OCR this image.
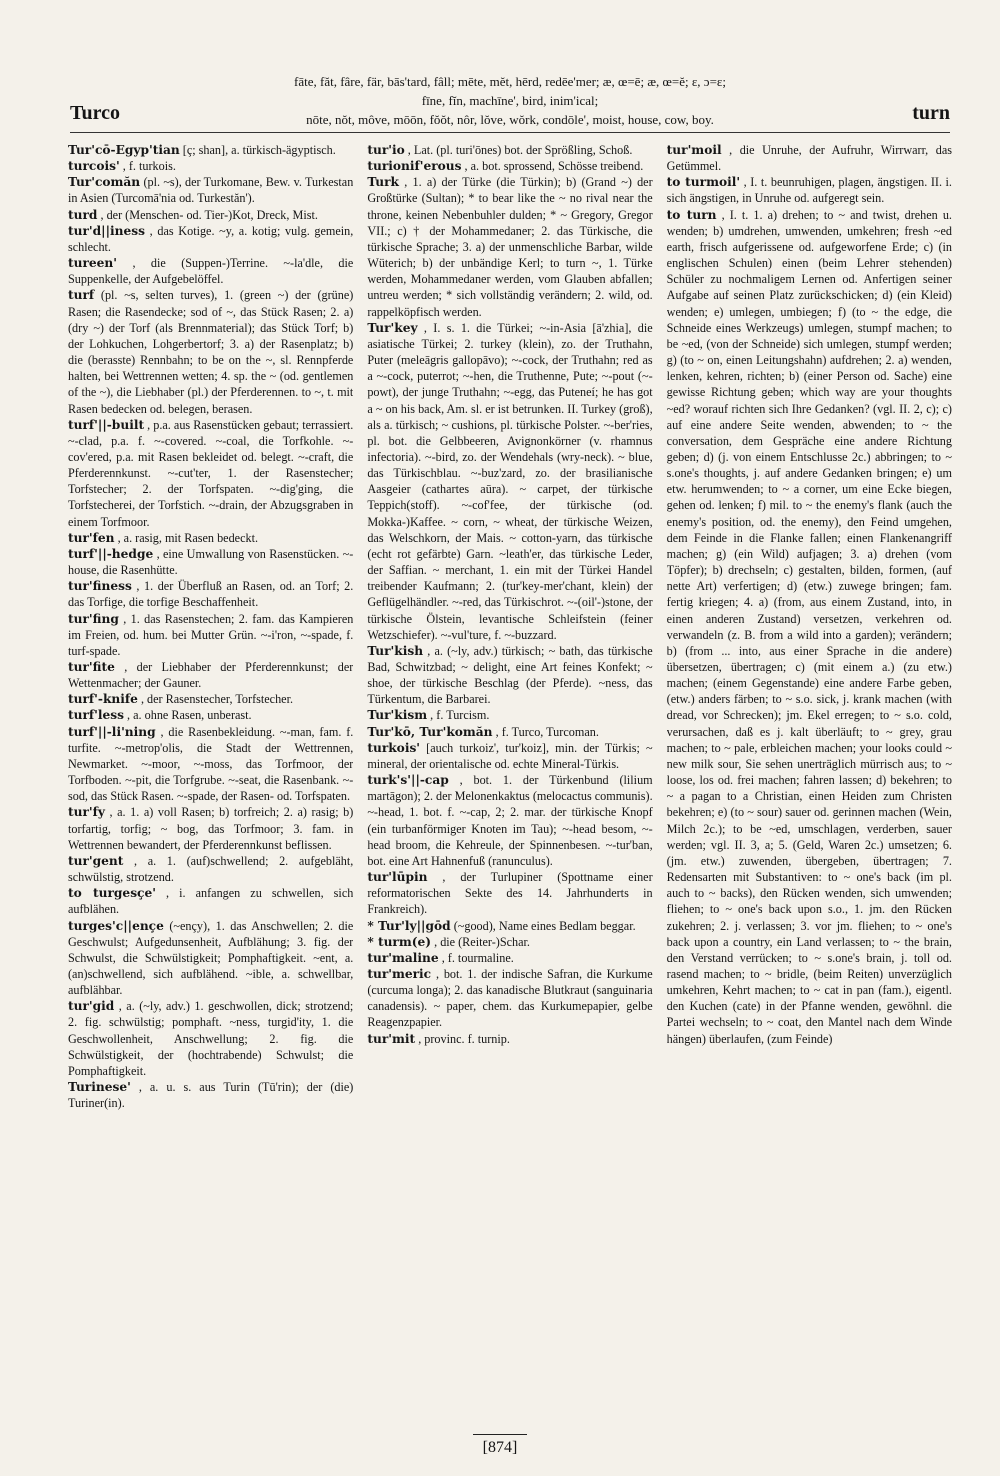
Turco
fāte, făt, fâre, fär, bās'tard, fâll; mēte, mĕt, hērd, redēe'mer; æ, œ=ē; æ, œ=ĕ; ɛ, ɔ=ɛ;
fīne, fĭn, machīne', bird, inim'ical;
nōte, nŏt, môve, mōōn, fŏŏt, nôr, lŏve, wŏrk, condōle', moist, house, cow, boy.	turn

Tur'cō-Egyp'tian [ç; shan], a. türkisch-ägyptisch.

turcois' , f. turkois.

Tur'comăn (pl. ~s), der Turkomane, Bew. v. Turkestan in Asien (Turcomā'nia od. Turkestăn').

turd , der (Menschen- od. Tier-)Kot, Dreck, Mist.

tur'd||iness , das Kotige. ~y, a. kotig; vulg. gemein, schlecht.

tureen' , die (Suppen-)Terrine. ~-la'dle, die Suppenkelle, der Aufgebelöffel.

turf (pl. ~s, selten turves), 1. (green ~) der (grüne) Rasen; die Rasendecke; sod of ~, das Stück Rasen; 2. a) (dry ~) der Torf (als Brennmaterial); das Stück Torf; b) der Lohkuchen, Lohgerbertorf; 3. a) der Rasenplatz; b) die (berasste) Rennbahn; to be on the ~, sl. Rennpferde halten, bei Wettrennen wetten; 4. sp. the ~ (od. gentlemen of the ~), die Liebhaber (pl.) der Pferderennen. to ~, t. mit Rasen bedecken od. belegen, berasen.

turf'||-built , p.a. aus Rasenstücken gebaut; terrassiert. ~-clad, p.a. f. ~-covered. ~-coal, die Torfkohle. ~-cov'ered, p.a. mit Rasen bekleidet od. belegt. ~-craft, die Pferderennkunst. ~-cut'ter, 1. der Rasenstecher; Torfstecher; 2. der Torfspaten. ~-dig'ging, die Torfstecherei, der Torfstich. ~-drain, der Abzugsgraben in einem Torfmoor.

tur'fen , a. rasig, mit Rasen bedeckt.

turf'||-hedge , eine Umwallung von Rasenstücken. ~-house, die Rasenhütte.

tur'finess , 1. der Überfluß an Rasen, od. an Torf; 2. das Torfige, die torfige Beschaffenheit.

tur'fing , 1. das Rasenstechen; 2. fam. das Kampieren im Freien, od. hum. bei Mutter Grün. ~-i'ron, ~-spade, f. turf-spade.

tur'fite , der Liebhaber der Pferderennkunst; der Wettenmacher; der Gauner.

turf'-knife , der Rasenstecher, Torfstecher.

turf'less , a. ohne Rasen, unberast.

turf'||-li'ning , die Rasenbekleidung. ~-man, fam. f. turfite. ~-metrop'olis, die Stadt der Wettrennen, Newmarket. ~-moor, ~-moss, das Torfmoor, der Torfboden. ~-pit, die Torfgrube. ~-seat, die Rasenbank. ~-sod, das Stück Rasen. ~-spade, der Rasen- od. Torfspaten.

tur'fy , a. 1. a) voll Rasen; b) torfreich; 2. a) rasig; b) torfartig, torfig; ~ bog, das Torfmoor; 3. fam. in Wettrennen bewandert, der Pferderennkunst beflissen.

tur'gent , a. 1. (auf)schwellend; 2. aufgebläht, schwülstig, strotzend.

to turgesçe' , i. anfangen zu schwellen, sich aufblähen.

turges'c||ençe (~ençy), 1. das Anschwellen; 2. die Geschwulst; Aufgedunsenheit, Aufblähung; 3. fig. der Schwulst, die Schwülstigkeit; Pomphaftigkeit. ~ent, a. (an)schwellend, sich aufblähend. ~ible, a. schwellbar, aufblähbar.

tur'gid , a. (~ly, adv.) 1. geschwollen, dick; strotzend; 2. fig. schwülstig; pomphaft. ~ness, turgid'ity, 1. die Geschwollenheit, Anschwellung; 2. fig. die Schwülstigkeit, der (hochtrabende) Schwulst; die Pomphaftigkeit.

Turinese' , a. u. s. aus Turin (Tū'rin); der (die) Turiner(in).

tur'io , Lat. (pl. turi'ōnes) bot. der Sprößling, Schoß.

turionif'erous , a. bot. sprossend, Schösse treibend.

Turk , 1. a) der Türke (die Türkin); b) (Grand ~) der Großtürke (Sultan); * to bear like the ~ no rival near the throne, keinen Nebenbuhler dulden; * ~ Gregory, Gregor VII.; c) † der Mohammedaner; 2. das Türkische, die türkische Sprache; 3. a) der unmenschliche Barbar, wilde Wüterich; b) der unbändige Kerl; to turn ~, 1. Türke werden, Mohammedaner werden, vom Glauben abfallen; untreu werden; * sich vollständig verändern; 2. wild, od. rappelköpfisch werden.

Tur'key , I. s. 1. die Türkei; ~-in-Asia [ā'zhia], die asiatische Türkei; 2. turkey (klein), zo. der Truthahn, Puter (meleāgris gallopāvo); ~-cock, der Truthahn; red as a ~-cock, puterrot; ~-hen, die Truthenne, Pute; ~-pout (~-powt), der junge Truthahn; ~-egg, das Puteneí; he has got a ~ on his back, Am. sl. er ist betrunken. II. Turkey (groß), als a. türkisch; ~ cushions, pl. türkische Polster. ~-ber'ries, pl. bot. die Gelbbeeren, Avignonkörner (v. rhamnus infectoria). ~-bird, zo. der Wendehals (wry-neck). ~ blue, das Türkischblau. ~-buz'zard, zo. der brasilianische Aasgeier (cathartes aūra). ~ carpet, der türkische Teppich(stoff). ~-cof'fee, der türkische (od. Mokka-)Kaffee. ~ corn, ~ wheat, der türkische Weizen, das Welschkorn, der Mais. ~ cotton-yarn, das türkische (echt rot gefärbte) Garn. ~leath'er, das türkische Leder, der Saffian. ~ merchant, 1. ein mit der Türkei Handel treibender Kaufmann; 2. (tur'key-mer'chant, klein) der Geflügelhändler. ~-red, das Türkischrot. ~-(oil'-)stone, der türkische Ölstein, levantische Schleifstein (feiner Wetzschiefer). ~-vul'ture, f. ~-buzzard.

Tur'kish , a. (~ly, adv.) türkisch; ~ bath, das türkische Bad, Schwitzbad; ~ delight, eine Art feines Konfekt; ~ shoe, der türkische Beschlag (der Pferde). ~ness, das Türkentum, die Barbarei.

Tur'kism , f. Turcism.

Tur'kō, Tur'komăn , f. Turco, Turcoman.

turkois' [auch turkoiz', tur'koiz], min. der Türkis; ~ mineral, der orientalische od. echte Mineral-Türkis.

turk's'||-cap , bot. 1. der Türkenbund (lilium martāgon); 2. der Melonenkaktus (melocactus communis). ~-head, 1. bot. f. ~-cap, 2; 2. mar. der türkische Knopf (ein turbanförmiger Knoten im Tau); ~-head besom, ~-head broom, die Kehreule, der Spinnenbesen. ~-tur'ban, bot. eine Art Hahnenfuß (ranunculus).

tur'lūpin , der Turlupiner (Spottname einer reformatorischen Sekte des 14. Jahrhunderts in Frankreich).

* Tur'ly||gōd (~good), Name eines Bedlam beggar.

* turm(e) , die (Reiter-)Schar.

tur'maline , f. tourmaline.

tur'meric , bot. 1. der indische Safran, die Kurkume (curcuma longa); 2. das kanadische Blutkraut (sanguinaria canadensis). ~ paper, chem. das Kurkumepapier, gelbe Reagenzpapier.

tur'mit , provinc. f. turnip.

tur'moil , die Unruhe, der Aufruhr, Wirrwarr, das Getümmel.

to turmoil' , I. t. beunruhigen, plagen, ängstigen. II. i. sich ängstigen, in Unruhe od. aufgeregt sein.

to turn , I. t. 1. a) drehen; to ~ and twist, drehen u. wenden; b) umdrehen, umwenden, umkehren; fresh ~ed earth, frisch aufgerissene od. aufgeworfene Erde; c) (in englischen Schulen) einen (beim Lehrer stehenden) Schüler zu nochmaligem Lernen od. Anfertigen seiner Aufgabe auf seinen Platz zurückschicken; d) (ein Kleid) wenden; e) umlegen, umbiegen; f) (to ~ the edge, die Schneide eines Werkzeugs) umlegen, stumpf machen; to be ~ed, (von der Schneide) sich umlegen, stumpf werden; g) (to ~ on, einen Leitungshahn) aufdrehen; 2. a) wenden, lenken, kehren, richten; b) (einer Person od. Sache) eine gewisse Richtung geben; which way are your thoughts ~ed? worauf richten sich Ihre Gedanken? (vgl. II. 2, c); c) auf eine andere Seite wenden, abwenden; to ~ the conversation, dem Gespräche eine andere Richtung geben; d) (j. von einem Entschlusse 2c.) abbringen; to ~ s.one's thoughts, j. auf andere Gedanken bringen; e) um etw. herumwenden; to ~ a corner, um eine Ecke biegen, gehen od. lenken; f) mil. to ~ the enemy's flank (auch the enemy's position, od. the enemy), den Feind umgehen, dem Feinde in die Flanke fallen; einen Flankenangriff machen; g) (ein Wild) aufjagen; 3. a) drehen (vom Töpfer); b) drechseln; c) gestalten, bilden, formen, (auf nette Art) verfertigen; d) (etw.) zuwege bringen; fam. fertig kriegen; 4. a) (from, aus einem Zustand, into, in einen anderen Zustand) versetzen, verkehren od. verwandeln (z. B. from a wild into a garden); verändern; b) (from ... into, aus einer Sprache in die andere) übersetzen, übertragen; c) (mit einem a.) (zu etw.) machen; (einem Gegenstande) eine andere Farbe geben, (etw.) anders färben; to ~ s.o. sick, j. krank machen (with dread, vor Schrecken); jm. Ekel erregen; to ~ s.o. cold, verursachen, daß es j. kalt überläuft; to ~ grey, grau machen; to ~ pale, erbleichen machen; your looks could ~ new milk sour, Sie sehen unerträglich mürrisch aus; to ~ loose, los od. frei machen; fahren lassen; d) bekehren; to ~ a pagan to a Christian, einen Heiden zum Christen bekehren; e) (to ~ sour) sauer od. gerinnen machen (Wein, Milch 2c.); to be ~ed, umschlagen, verderben, sauer werden; vgl. II. 3, a; 5. (Geld, Waren 2c.) umsetzen; 6. (jm. etw.) zuwenden, übergeben, übertragen; 7. Redensarten mit Substantiven: to ~ one's back (im pl. auch to ~ backs), den Rücken wenden, sich umwenden; fliehen; to ~ one's back upon s.o., 1. jm. den Rücken zukehren; 2. j. verlassen; 3. vor jm. fliehen; to ~ one's back upon a country, ein Land verlassen; to ~ the brain, den Verstand verrücken; to ~ s.one's brain, j. toll od. rasend machen; to ~ bridle, (beim Reiten) unverzüglich umkehren, Kehrt machen; to ~ cat in pan (fam.), eigentl. den Kuchen (cate) in der Pfanne wenden, gewöhnl. die Partei wechseln; to ~ coat, den Mantel nach dem Winde hängen) überlaufen, (zum Feinde)

[874]
